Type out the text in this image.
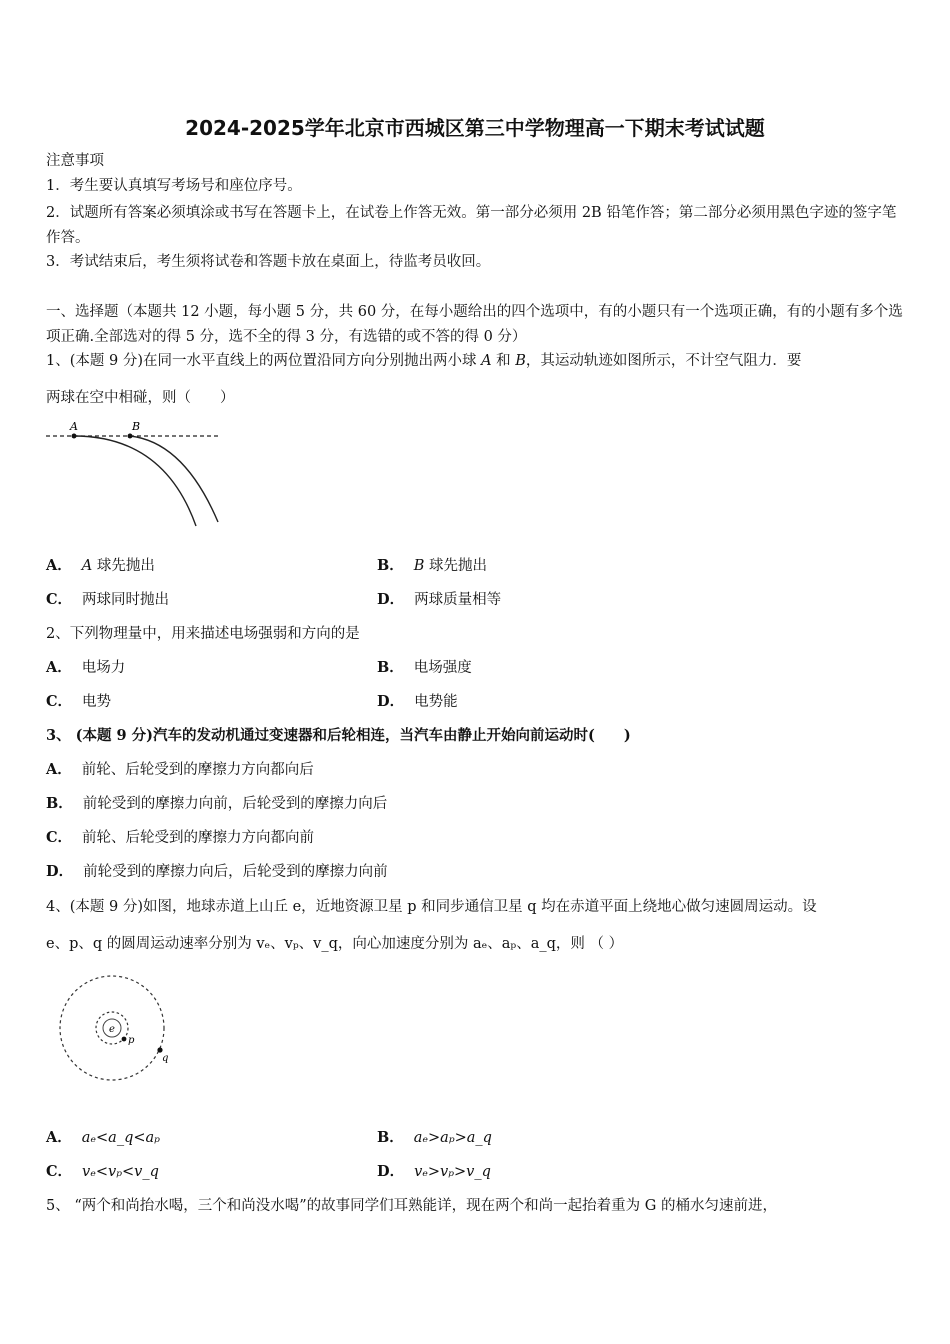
2024-2025学年北京市西城区第三中学物理高一下期末考试试题
注意事项
1．考生要认真填写考场号和座位序号。
2．试题所有答案必须填涂或书写在答题卡上，在试卷上作答无效。第一部分必须用 2B 铅笔作答；第二部分必须用黑色字迹的签字笔作答。
3．考试结束后，考生须将试卷和答题卡放在桌面上，待监考员收回。
一、选择题（本题共 12 小题，每小题 5 分，共 60 分，在每小题给出的四个选项中，有的小题只有一个选项正确，有的小题有多个选项正确.全部选对的得 5 分，选不全的得 3 分，有选错的或不答的得 0 分）
1、(本题 9 分)在同一水平直线上的两位置沿同方向分别抛出两小球 𝐴 和 𝐵，其运动轨迹如图所示，不计空气阻力．要
两球在空中相碰，则（　　）
A	B
A． 𝐴 球先抛出	B． 𝐵 球先抛出
C． 两球同时抛出	D． 两球质量相等
2、下列物理量中，用来描述电场强弱和方向的是
A． 电场力	B． 电场强度
C． 电势	D． 电势能
3、 (本题 9 分)汽车的发动机通过变速器和后轮相连，当汽车由静止开始向前运动时(　　)
A． 前轮、后轮受到的摩擦力方向都向后
B． 前轮受到的摩擦力向前，后轮受到的摩擦力向后
C． 前轮、后轮受到的摩擦力方向都向前
D． 前轮受到的摩擦力向后，后轮受到的摩擦力向前
4、(本题 9 分)如图，地球赤道上山丘 e，近地资源卫星 p 和同步通信卫星 q 均在赤道平面上绕地心做匀速圆周运动。设
e、p、q 的圆周运动速率分别为 vₑ、vₚ、v_q，向心加速度分别为 aₑ、aₚ、a_q，则 （ ）
e
p
q
A． aₑ<a_q<aₚ	B． aₑ>aₚ>a_q
C． vₑ<vₚ<v_q	D． vₑ>vₚ>v_q
5、 “两个和尚抬水喝，三个和尚没水喝”的故事同学们耳熟能详，现在两个和尚一起抬着重为 G 的桶水匀速前进，
